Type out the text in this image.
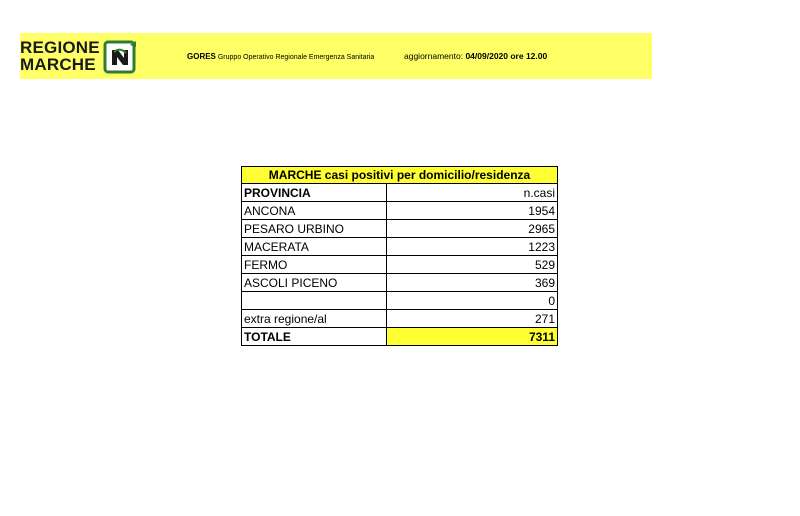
REGIONE
MARCHE	GORES Gruppo Operativo Regionale Emergenza Sanitaria	aggiornamento: 04/09/2020 ore 12.00
MARCHE casi positivi per domicilio/residenza	
PROVINCIA	n.casi
ANCONA	1954
PESARO URBINO	2965
MACERATA	1223
FERMO	529
ASCOLI PICENO	369
	0
extra regione/al	271
TOTALE	7311
